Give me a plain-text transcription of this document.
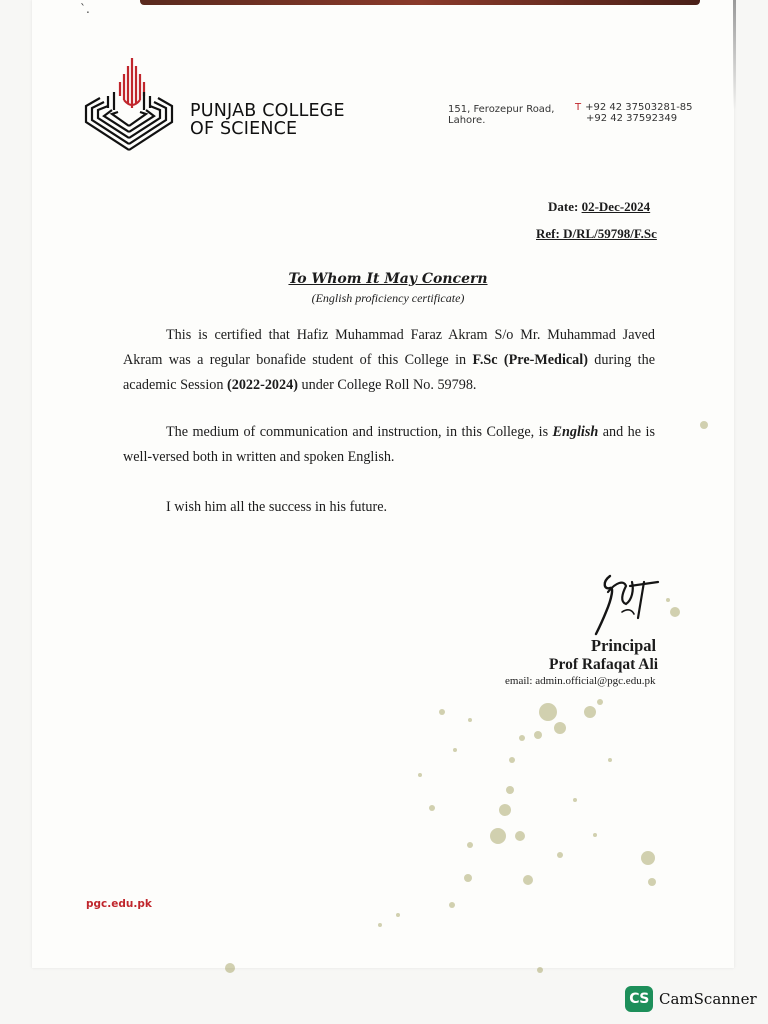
ˋ.
PUNJAB COLLEGE
OF SCIENCE
151, Ferozepur Road,
Lahore.
T +92 42 37503281-85
+92 42 37592349
Date: 02-Dec-2024
Ref: D/RL/59798/F.Sc
To Whom It May Concern
(English proficiency certificate)
This is certified that Hafiz Muhammad Faraz Akram S/o Mr. Muhammad Javed Akram was a regular bonafide student of this College in F.Sc (Pre-Medical) during the academic Session (2022-2024) under College Roll No. 59798.
The medium of communication and instruction, in this College, is English and he is well-versed both in written and spoken English.
I wish him all the success in his future.
Principal
Prof Rafaqat Ali
email: admin.official@pgc.edu.pk
pgc.edu.pk
CS CamScanner
